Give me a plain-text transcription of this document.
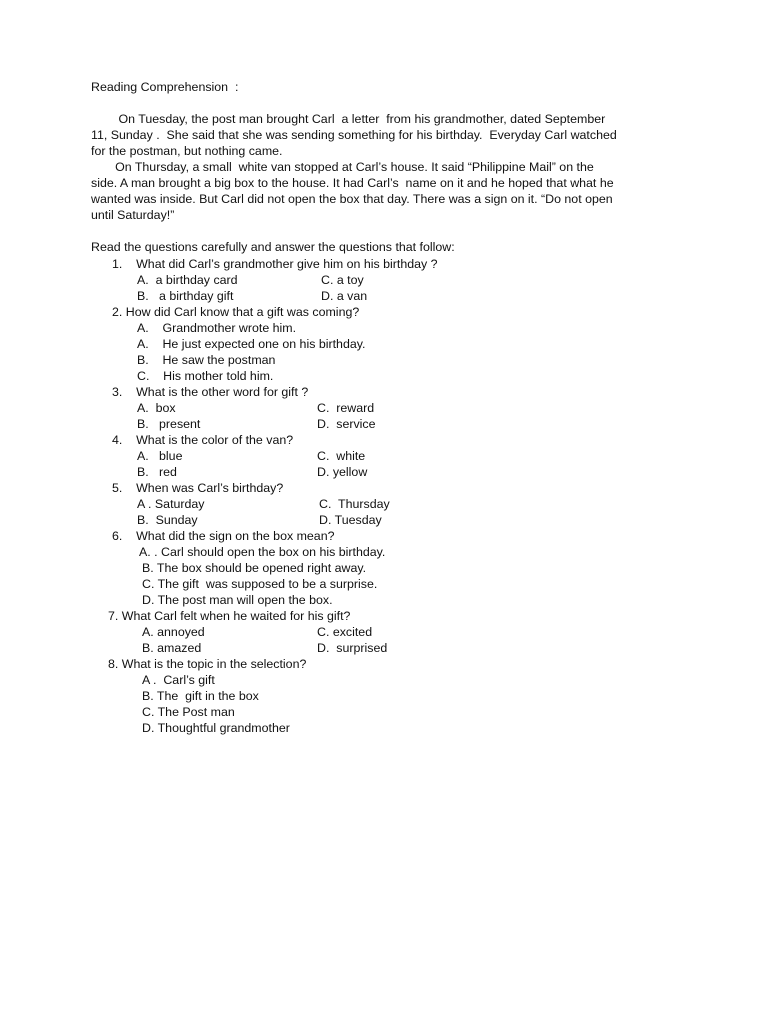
Reading Comprehension  :
On Tuesday, the post man brought Carl  a letter  from his grandmother, dated September
11, Sunday .  She said that she was sending something for his birthday.  Everyday Carl watched
for the postman, but nothing came.
On Thursday, a small  white van stopped at Carl’s house. It said “Philippine Mail” on the
side. A man brought a big box to the house. It had Carl’s  name on it and he hoped that what he
wanted was inside. But Carl did not open the box that day. There was a sign on it. “Do not open
until Saturday!”
Read the questions carefully and answer the questions that follow:
1.    What did Carl’s grandmother give him on his birthday ?
A.  a birthday card	C. a toy
B.   a birthday gift	D. a van
2. How did Carl know that a gift was coming?
A.    Grandmother wrote him.
A.    He just expected one on his birthday.
B.    He saw the postman
C.    His mother told him.
3.    What is the other word for gift ?
A.  box	C.  reward
B.   present	D.  service
4.    What is the color of the van?
A.   blue	C.  white
B.   red	D. yellow
5.    When was Carl’s birthday?
A . Saturday	C.  Thursday
B.  Sunday	D. Tuesday
6.    What did the sign on the box mean?
A. . Carl should open the box on his birthday.
B. The box should be opened right away.
C. The gift  was supposed to be a surprise.
D. The post man will open the box.
7. What Carl felt when he waited for his gift?
A. annoyed	C. excited
B. amazed	D.  surprised
8. What is the topic in the selection?
A .  Carl’s gift
B. The  gift in the box
C. The Post man
D. Thoughtful grandmother
